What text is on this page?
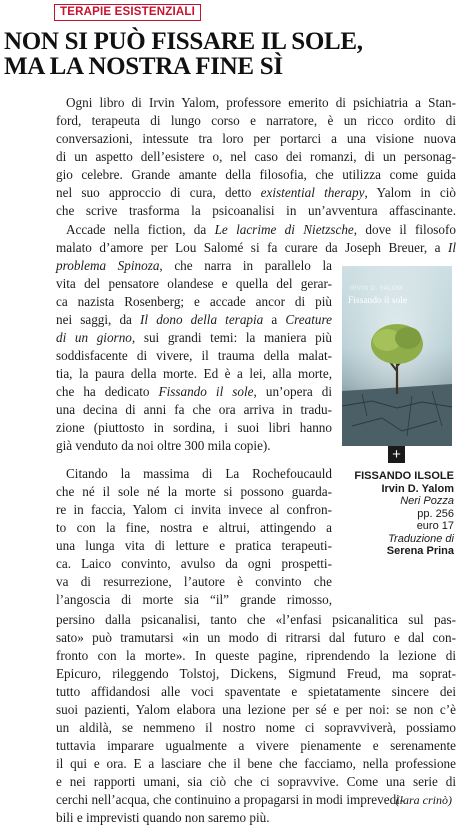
TERAPIE ESISTENZIALI
NON SI PUÒ FISSARE IL SOLE,
MA LA NOSTRA FINE SÌ
Ogni libro di Irvin Yalom, professore emerito di psichiatria a Stan-
ford, terapeuta di lungo corso e narratore, è un ricco ordito di
conversazioni, intessute tra loro per portarci a una visione nuova
di un aspetto dell’esistere o, nel caso dei romanzi, di un personag-
gio celebre. Grande amante della filosofia, che utilizza come guida
nel suo approccio di cura, detto existential therapy, Yalom in ciò
che scrive trasforma la psicoanalisi in un’avventura affascinante.
Accade nella fiction, da Le lacrime di Nietzsche, dove il filosofo
malato d’amore per Lou Salomé si fa curare da Joseph Breuer, a Il
problema Spinoza, che narra in parallelo la
vita del pensatore olandese e quella del gerar-
ca nazista Rosenberg; e accade ancor di più
nei saggi, da Il dono della terapia a Creature
di un giorno, sui grandi temi: la maniera più
soddisfacente di vivere, il trauma della malat-
tia, la paura della morte. Ed è a lei, alla morte,
che ha dedicato Fissando il sole, un’opera di
una decina di anni fa che ora arriva in tradu-
zione (piuttosto in sordina, i suoi libri hanno
già venduto da noi oltre 300 mila copie).
Citando la massima di La Rochefoucauld
che né il sole né la morte si possono guarda-
re in faccia, Yalom ci invita invece al confron-
to con la fine, nostra e altrui, attingendo a
una lunga vita di letture e pratica terapeuti-
ca. Laico convinto, avulso da ogni prospetti-
va di resurrezione, l’autore è convinto che
l’angoscia di morte sia “il” grande rimosso,
persino dalla psicanalisi, tanto che «l’enfasi psicanalitica sul pas-
sato» può tramutarsi «in un modo di ritrarsi dal futuro e dal con-
fronto con la morte». In queste pagine, riprendendo la lezione di
Epicuro, rileggendo Tolstoj, Dickens, Sigmund Freud, ma soprat-
tutto affidandosi alle voci spaventate e spietatamente sincere dei
suoi pazienti, Yalom elabora una lezione per sé e per noi: se non c’è
un aldilà, se nemmeno il nostro nome ci sopravviverà, possiamo
tuttavia imparare ugualmente a vivere pienamente e serenamente
il qui e ora. E a lasciare che il bene che facciamo, nella professione
e nei rapporti umani, sia ciò che ci sopravvive. Come una serie di
cerchi nell’acqua, che continuino a propagarsi in modi imprevedi-
bili e imprevisti quando non saremo più.
+
FISSANDO ILSOLE
Irvin D. Yalom
Neri Pozza
pp. 256
euro 17
Traduzione di
Serena Prina
(lara crinò)
